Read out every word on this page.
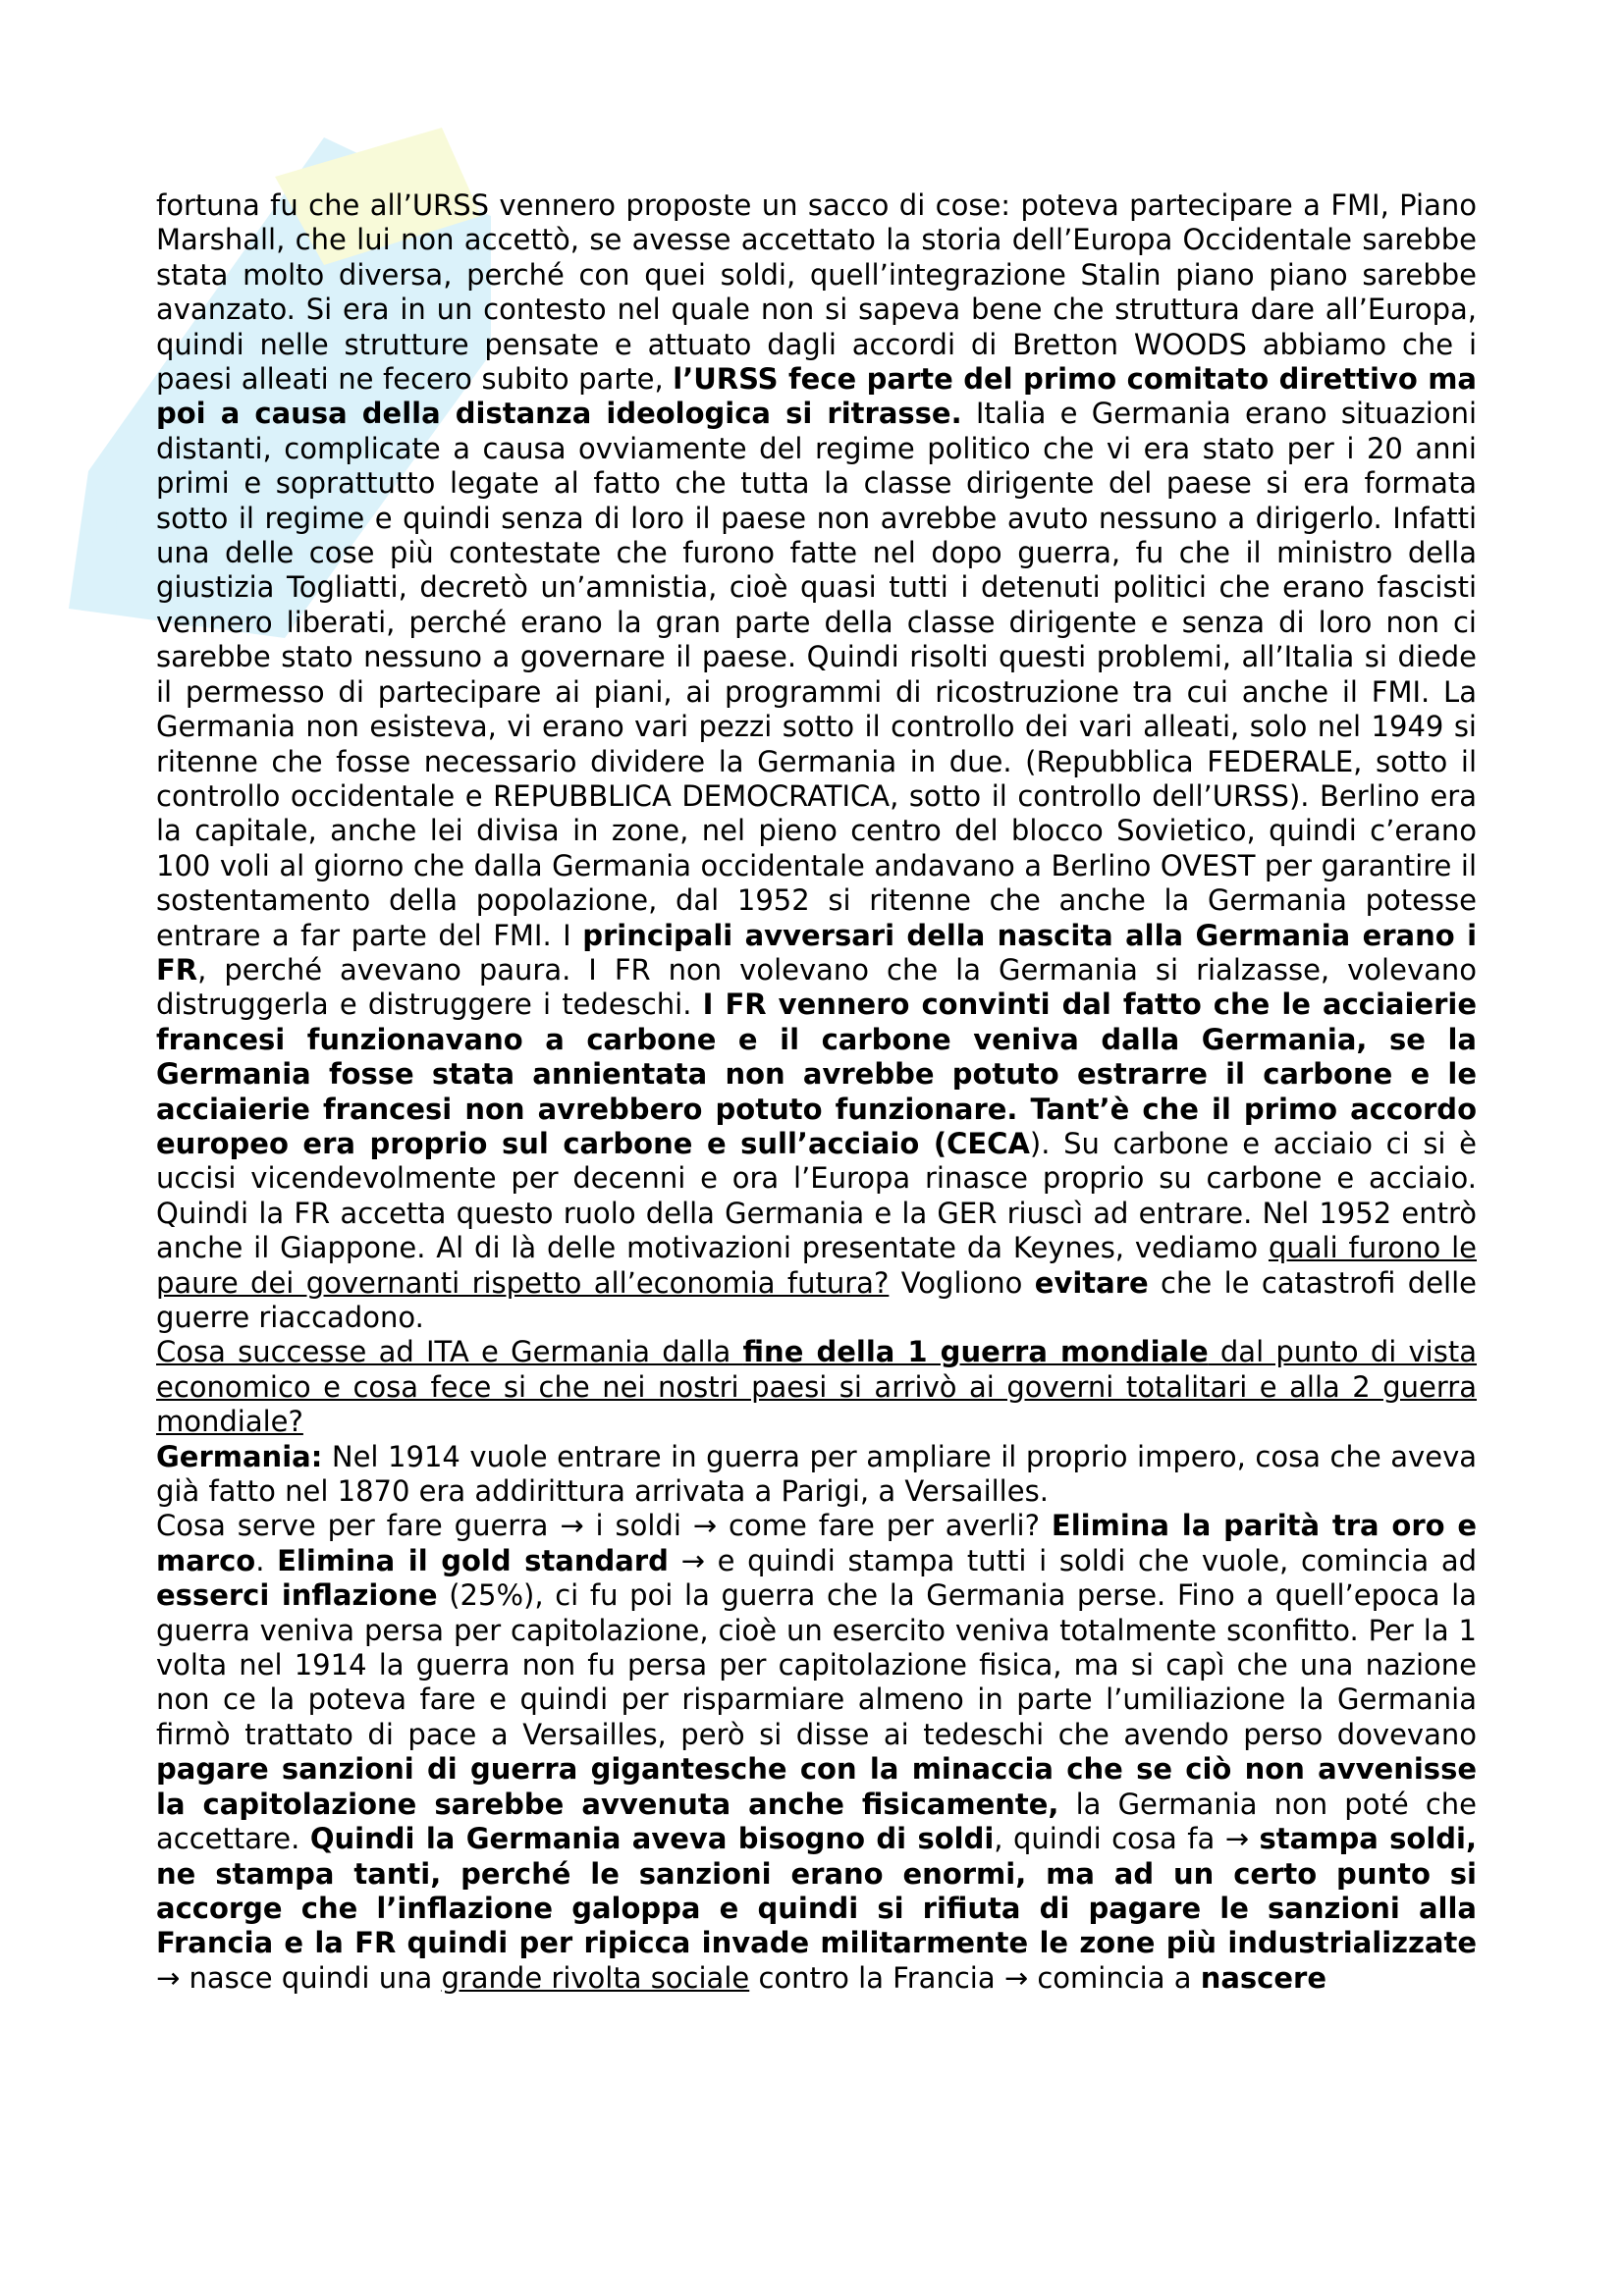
fortuna fu che all’URSS vennero proposte un sacco di cose: poteva partecipare a FMI, Piano Marshall, che lui non accettò, se avesse accettato la storia dell’Europa Occidentale sarebbe stata molto diversa, perché con quei soldi, quell’integrazione Stalin piano piano sarebbe avanzato. Si era in un contesto nel quale non si sapeva bene che struttura dare all’Europa, quindi nelle strutture pensate e attuato dagli accordi di Bretton WOODS abbiamo che i paesi alleati ne fecero subito parte, l’URSS fece parte del primo comitato direttivo ma poi a causa della distanza ideologica si ritrasse. Italia e Germania erano situazioni distanti, complicate a causa ovviamente del regime politico che vi era stato per i 20 anni primi e soprattutto legate al fatto che tutta la classe dirigente del paese si era formata sotto il regime e quindi senza di loro il paese non avrebbe avuto nessuno a dirigerlo. Infatti una delle cose più contestate che furono fatte nel dopo guerra, fu che il ministro della giustizia Togliatti, decretò un’amnistia, cioè quasi tutti i detenuti politici che erano fascisti vennero liberati, perché erano la gran parte della classe dirigente e senza di loro non ci sarebbe stato nessuno a governare il paese. Quindi risolti questi problemi, all’Italia si diede il permesso di partecipare ai piani, ai programmi di ricostruzione tra cui anche il FMI. La Germania non esisteva, vi erano vari pezzi sotto il controllo dei vari alleati, solo nel 1949 si ritenne che fosse necessario dividere la Germania in due. (Repubblica FEDERALE, sotto il controllo occidentale e REPUBBLICA DEMOCRATICA, sotto il controllo dell’URSS). Berlino era la capitale, anche lei divisa in zone, nel pieno centro del blocco Sovietico, quindi c’erano 100 voli al giorno che dalla Germania occidentale andavano a Berlino OVEST per garantire il sostentamento della popolazione, dal 1952 si ritenne che anche la Germania potesse entrare a far parte del FMI. I principali avversari della nascita alla Germania erano i FR, perché avevano paura. I FR non volevano che la Germania si rialzasse, volevano distruggerla e distruggere i tedeschi. I FR vennero convinti dal fatto che le acciaierie francesi funzionavano a carbone e il carbone veniva dalla Germania, se la Germania fosse stata annientata non avrebbe potuto estrarre il carbone e le acciaierie francesi non avrebbero potuto funzionare. Tant’è che il primo accordo europeo era proprio sul carbone e sull’acciaio (CECA). Su carbone e acciaio ci si è uccisi vicendevolmente per decenni e ora l’Europa rinasce proprio su carbone e acciaio. Quindi la FR accetta questo ruolo della Germania e la GER riuscì ad entrare. Nel 1952 entrò anche il Giappone. Al di là delle motivazioni presentate da Keynes, vediamo quali furono le paure dei governanti rispetto all’economia futura? Vogliono evitare che le catastrofi delle guerre riaccadono.

Cosa successe ad ITA e Germania dalla fine della 1 guerra mondiale dal punto di vista economico e cosa fece si che nei nostri paesi si arrivò ai governi totalitari e alla 2 guerra mondiale?

Germania: Nel 1914 vuole entrare in guerra per ampliare il proprio impero, cosa che aveva già fatto nel 1870 era addirittura arrivata a Parigi, a Versailles.

Cosa serve per fare guerra → i soldi → come fare per averli? Elimina la parità tra oro e marco. Elimina il gold standard → e quindi stampa tutti i soldi che vuole, comincia ad esserci inflazione (25%), ci fu poi la guerra che la Germania perse. Fino a quell’epoca la guerra veniva persa per capitolazione, cioè un esercito veniva totalmente sconfitto. Per la 1 volta nel 1914 la guerra non fu persa per capitolazione fisica, ma si capì che una nazione non ce la poteva fare e quindi per risparmiare almeno in parte l’umiliazione la Germania firmò trattato di pace a Versailles, però si disse ai tedeschi che avendo perso dovevano pagare sanzioni di guerra gigantesche con la minaccia che se ciò non avvenisse la capitolazione sarebbe avvenuta anche fisicamente, la Germania non poté che accettare. Quindi la Germania aveva bisogno di soldi, quindi cosa fa → stampa soldi, ne stampa tanti, perché le sanzioni erano enormi, ma ad un certo punto si accorge che l’inflazione galoppa e quindi si rifiuta di pagare le sanzioni alla Francia e la FR quindi per ripicca invade militarmente le zone più industrializzate → nasce quindi una grande rivolta sociale contro la Francia → comincia a nascere
